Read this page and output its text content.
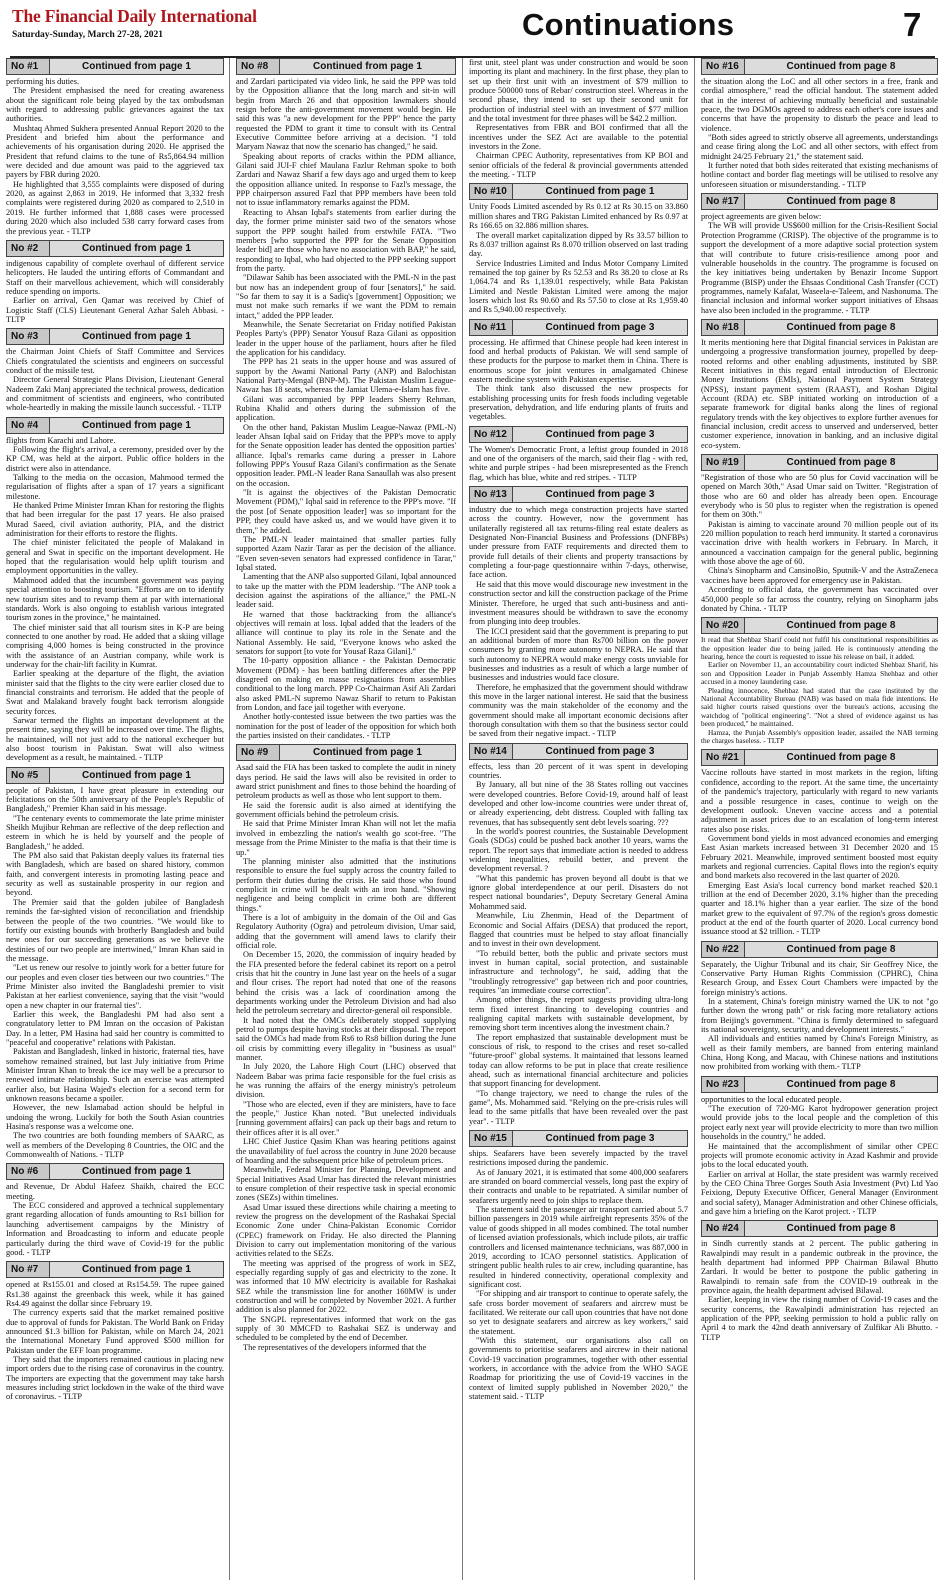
The Financial Daily International
Saturday-Sunday, March 27-28, 2021	Continuations	7
No #1	Continued from page 1

performing his duties.

The President emphasised the need for creating awareness about the significant role being played by the tax ombudsman with regard to addressing public grievances against the tax authorities.

Mushtaq Ahmed Sukhera presented Annual Report 2020 to the President and briefed him about the performance and achievements of his organisation during 2020. He apprised the President that refund claims to the tune of Rs5,864.94 million were decided and due amount was paid to the aggrieved tax payers by FBR during 2020.

He highlighted that 3,555 complaints were disposed of during 2020, as against 2,863 in 2019. He informed that 3,332 fresh complaints were registered during 2020 as compared to 2,510 in 2019. He further informed that 1,888 cases were processed during 2020 which also included 538 carry forward cases from the previous year. - TLTP

No #2	Continued from page 1

indigenous capability of complete overhaul of different service helicopters. He lauded the untiring efforts of Commandant and Staff on their marvellous achievement, which will considerably reduce spending on imports.

Earlier on arrival, Gen Qamar was received by Chief of Logistic Staff (CLS) Lieutenant General Azhar Saleh Abbasi. - TLTP

No #3	Continued from page 1

the Chairman Joint Chiefs of Staff Committee and Services Chiefs congratulated the scientists and engineers on successful conduct of the missile test.

Director General Strategic Plans Division, Lieutenant General Nadeem Zaki Manj appreciated the technical prowess, dedication and commitment of scientists and engineers, who contributed whole-heartedly in making the missile launch successful. - TLTP

No #4	Continued from page 1

flights from Karachi and Lahore.

Following the flight's arrival, a ceremony, presided over by the KP CM, was held at the airport. Public office holders in the district were also in attendance.

Talking to the media on the occasion, Mahmood termed the regularisation of flights after a span of 17 years a significant milestone.

He thanked Prime Minister Imran Khan for restoring the flights that had been irregular for the past 17 years. He also praised Murad Saeed, civil aviation authority, PIA, and the district administration for their efforts to restore the flights.

The chief minister felicitated the people of Malakand in general and Swat in specific on the important development. He hoped that the regularisation would help uplift tourism and employment opportunities in the valley.

Mahmood added that the incumbent government was paying special attention to boosting tourism. "Efforts are on to identify new tourism sites and to revamp them at par with international standards. Work is also ongoing to establish various integrated tourism zones in the province," he maintained.

The chief minister said that all tourism sites in K-P are being connected to one another by road. He added that a skiing village comprising 4,000 homes is being constructed in the province with the assistance of an Austrian company, while work is underway for the chair-lift facility in Kumrat.

Earlier speaking at the departure of the flight, the aviation minister said that the flights to the city were earlier closed due to financial constraints and terrorism. He added that the people of Swat and Malakand bravely fought back terrorism alongside security forces.

Sarwar termed the flights an important development at the present time, saying they will be increased over time. The flights, he maintained, will not just add to the national exchequer but also boost tourism in Pakistan. Swat will also witness development as a result, he maintained. - TLTP

No #5	Continued from page 1

people of Pakistan, I have great pleasure in extending our felicitations on the 50th anniversary of the People's Republic of Bangladesh," Premier Khan said in his message.

"The centenary events to commemorate the late prime minister Sheikh Mujibur Rehman are reflective of the deep reflection and esteem in which he is held by yourself and the people of Bangladesh," he added.

The PM also said that Pakistan deeply values its fraternal ties with Bangladesh, which are based on shared history, common faith, and convergent interests in promoting lasting peace and security as well as sustainable prosperity in our region and beyond.

The Premier said that the golden jubilee of Bangladesh reminds the far-sighted vision of reconciliation and friendship between the people of the two countries. "We would like to fortify our existing bounds with brotherly Bangladesh and build new ones for our succeeding generations as we believe the destinies of our two people are intertwined," Imran Khan said in the message.

"Let us renew our resolve to jointly work for a better future for our peoples and even closer ties between our two countries." The Prime Minister also invited the Bangladeshi premier to visit Pakistan at her earliest convenience, saying that the visit "would open a new chapter in our fraternal ties".

Earlier this week, the Bangladeshi PM had also sent a congratulatory letter to PM Imran on the occasion of Pakistan Day. In a letter, PM Hasina had said her country is committed to "peaceful and cooperative" relations with Pakistan.

Pakistan and Bangladesh, linked in historic, fraternal ties, have somehow remained strained, but last July initiative from Prime Minister Imran Khan to break the ice may well be a precursor to renewed intimate relationship. Such an exercise was attempted earlier also, but Hasina Wajed's election for a second term for unknown reasons became a spoiler.

However, the new Islamabad action should be helpful in undoing the wrong. Luckily for both the South Asian countries Hasina's response was a welcome one.

The two countries are both founding members of SAARC, as well as members of the Developing 8 Countries, the OIC and the Commonwealth of Nations. - TLTP

No #6	Continued from page 1

and Revenue, Dr Abdul Hafeez Shaikh, chaired the ECC meeting.

The ECC considered and approved a technical supplementary grant regarding allocation of funds amounting to Rs1 billion for launching advertisement campaigns by the Ministry of Information and Broadcasting to inform and educate people particularly during the third wave of Covid-19 for the public good. - TLTP

No #7	Continued from page 1

opened at Rs155.01 and closed at Rs154.59. The rupee gained Rs1.38 against the greenback this week, while it has gained Rs4.49 against the dollar since February 19.

The currency experts said that the market remained positive due to approval of funds for Pakistan. The World Bank on Friday announced $1.3 billion for Pakistan, while on March 24, 2021 the International Monetary Fund approved $500 million for Pakistan under the EFF loan programme.

They said that the importers remained cautious in placing new import orders due to the rising case of coronavirus in the country. The importers are expecting that the government may take harsh measures including strict lockdown in the wake of the third wave of coronavirus. - TLTP

No #8	Continued from page 1

and Zardari participated via video link, he said the PPP was told by the Opposition alliance that the long march and sit-in will begin from March 26 and that opposition lawmakers should resign before the anti-government movement would begin. He said this was "a new development for the PPP" hence the party requested the PDM to grant it time to consult with its Central Executive Committee before arriving at a decision. "I told Maryam Nawaz that now the scenario has changed," he said.

Speaking about reports of cracks within the PDM alliance, Gilani said JUI-F chief Maulana Fazlur Rehman spoke to both Zardari and Nawaz Sharif a few days ago and urged them to keep the opposition alliance united. In response to Fazl's message, the PPP chairperson assured Fazl that PPP members have been told not to issue inflammatory remarks against the PDM.

Reacting to Ahsan Iqbal's statements from earlier during the day, the former prime minister said two of the senators whose support the PPP sought hailed from erstwhile FATA. "Two members [who supported the PPP for the Senate Opposition leader bid] are those who have no association with BAP," he said, responding to Iqbal, who had objected to the PPP seeking support from the party.

"Dilawar Sahib has been associated with the PML-N in the past but now has an independent group of four [senators]," he said. "So far them to say it is a Sadiq's [government] Opposition; we must not make such remarks if we want the PDM to remain intact," added the PPP leader.

Meanwhile, the Senate Secretariat on Friday notified Pakistan Peoples Party's (PPP) Senator Yousuf Raza Gilani as opposition leader in the upper house of the parliament, hours after he filed the application for his candidacy.

The PPP has 21 seats in the upper house and was assured of support by the Awami National Party (ANP) and Balochistan National Party-Mengal (BNP-M). The Pakistan Muslim League-Nawaz has 18 seats, whereas the Jamiat Ulema-e-Islam has five.

Gilani was accompanied by PPP leaders Sherry Rehman, Rubina Khalid and others during the submission of the application.

On the other hand, Pakistan Muslim League-Nawaz (PML-N) leader Ahsan Iqbal said on Friday that the PPP's move to apply for the Senate opposition leader has dented the opposition parties' alliance. Iqbal's remarks came during a presser in Lahore following PPP's Yousuf Raza Gilani's confirmation as the Senate opposition leader. PML-N leader Rana Sanaullah was also present on the occasion.

"It is against the objectives of the Pakistan Democratic Movement (PDM)," Iqbal said in reference to the PPP's move. "If the post [of Senate opposition leader] was so important for the PPP, they could have asked us, and we would have given it to them," he added.

The PML-N leader maintained that smaller parties fully supported Azam Nazir Tarar as per the decision of the alliance. "Even seven-seven senators had expressed confidence in Tarar," Iqbal stated.

Lamenting that the ANP also supported Gilani, Iqbal announced to take up the matter with the PDM leadership. "The ANP took a decision against the aspirations of the alliance," the PML-N leader said.

He warned that those backtracking from the alliance's objectives will remain at loss. Iqbal added that the leaders of the alliance will continue to play its role in the Senate and the National Assembly. He said, "Everyone knows who asked the senators for support [to vote for Yousaf Raza Gilani]."

The 10-party opposition alliance - the Pakistan Democratic Movement (PDM) - has been battling differences after the PPP disagreed on making en masse resignations from assemblies conditional to the long march. PPP Co-Chairman Asif Ali Zardari also asked PML-N supremo Nawaz Sharif to return to Pakistan from London, and face jail together with everyone.

Another hotly-contested issue between the two parties was the nomination for the post of leader of the opposition for which both the parties insisted on their candidates. - TLTP

No #9	Continued from page 1

Asad said the FIA has been tasked to complete the audit in ninety days period. He said the laws will also be revisited in order to award strict punishment and fines to those behind the hoarding of petroleum products as well as those who lent support to them.

He said the forensic audit is also aimed at identifying the government officials behind the petroleum crisis.

He said that Prime Minister Imran Khan will not let the mafia involved in embezzling the nation's wealth go scot-free. "The message from the Prime Minister to the mafia is that their time is up."

The planning minister also admitted that the institutions responsible to ensure the fuel supply across the country failed to perform their duties during the crisis. He said those who found complicit in crime will be dealt with an iron hand. "Showing negligence and being complicit in crime both are different things."

There is a lot of ambiguity in the domain of the Oil and Gas Regulatory Authority (Ogra) and petroleum division, Umar said, adding that the government will amend laws to clarify their official role.

On December 15, 2020, the commission of inquiry headed by the FIA presented before the federal cabinet its report on a petrol crisis that hit the country in June last year on the heels of a sugar and flour crises. The report had noted that one of the reasons behind the crisis was a lack of coordination among the departments working under the Petroleum Division and had also held the petroleum secretary and director-general oil responsible.

It had noted that the OMCs deliberately stopped supplying petrol to pumps despite having stocks at their disposal. The report said the OMCs had made from Rs6 to Rs8 billion during the June oil crisis by committing every illegality in "business as usual" manner.

In July 2020, the Lahore High Court (LHC) observed that Nadeem Babar was prima facie responsible for the fuel crisis as he was running the affairs of the energy ministry's petroleum division.

"Those who are elected, even if they are ministers, have to face the people," Justice Khan noted. "But unelected individuals [running government affairs] can pack up their bags and return to their offices after it is all over."

LHC Chief Justice Qasim Khan was hearing petitions against the unavailability of fuel across the country in June 2020 because of hoarding and the subsequent price hike of petroleum prices.

Meanwhile, Federal Minister for Planning, Development and Special Initiatives Asad Umar has directed the relevant ministries to ensure completion of their respective task in special economic zones (SEZs) within timelines.

Asad Umar issued these directions while chairing a meeting to review the progress on the development of the Rashakai Special Economic Zone under China-Pakistan Economic Corridor (CPEC) framework on Friday. He also directed the Planning Division to carry out implementation monitoring of the various activities related to the SEZs.

The meeting was apprised of the progress of work in SEZ, especially regarding supply of gas and electricity to the zone. It was informed that 10 MW electricity is available for Rashakai SEZ while the transmission line for another 160MW is under construction and will be completed by November 2021. A further addition is also planned for 2022.

The SNGPL representatives informed that work on the gas supply of 30 MMCFD to Rashakai SEZ is underway and scheduled to be completed by the end of December.

The representatives of the developers informed that the

first unit, steel plant was under construction and would be soon importing its plant and machinery. In the first phase, they plan to set up their first unit with an investment of $79 million to produce 500000 tons of Rebar/ construction steel. Whereas in the second phase, they intend to set up their second unit for production of industrial steel with an investment of $77 million and the total investment for three phases will be $42.2 million.

Representatives from FBR and BOI confirmed that all the incentives under the SEZ Act are available to the potential investors in the Zone.

Chairman CPEC Authority, representatives from KP BOI and senior officials of the federal & provincial governments attended the meeting. - TLTP

No #10	Continued from page 1

Unity Foods Limited ascended by Rs 0.12 at Rs 30.15 on 33.860 million shares and TRG Pakistan Limited enhanced by Rs 0.97 at Rs 166.65 on 32.886 million shares.

The overall market capitalization dipped by Rs 33.57 billion to Rs 8.037 trillion against Rs 8.070 trillion observed on last trading day.

Service Industries Limited and Indus Motor Company Limited remained the top gainer by Rs 52.53 and Rs 38.20 to close at Rs 1,064.74 and Rs 1,139.01 respectively, while Bata Pakistan Limited and Nestle Pakistan Limited were among the major losers which lost Rs 90.60 and Rs 57.50 to close at Rs 1,959.40 and Rs 5,940.00 respectively.

No #11	Continued from page 3

processing. He affirmed that Chinese people had keen interest in food and herbal products of Pakistan. We will send sample of these products for the purpose to market them in China. There is enormous scope for joint ventures in amalgamated Chinese eastern medicine system with Pakistan expertise.

The think tank also discussed the new prospects for establishing processing units for fresh foods including vegetable preservation, dehydration, and life enduring plants of fruits and vegetables.

No #12	Continued from page 3

The Women's Democratic Front, a leftist group founded in 2018 and one of the organisers of the march, said their flag - with red, white and purple stripes - had been misrepresented as the French flag, which has blue, white and red stripes. - TLTP

No #13	Continued from page 3

industry due to which mega construction projects have started across the country. However, now the government has unilaterally registered all tax returns-filing real estate dealers as Designated Non-Financial Business and Professions (DNFBPs) under pressure from FATF requirements and directed them to provide full details of their clients and property transactions by completing a four-page questionnaire within 7-days, otherwise, face action.

He said that this move would discourage new investment in the construction sector and kill the construction package of the Prime Minister. Therefore, he urged that such anti-business and anti-investment measures should be withdrawn to save the economy from plunging into deep troubles.

The ICCI president said that the government is preparing to put an additional burden of more than Rs700 billion on the power consumers by granting more autonomy to NEPRA. He said that such autonomy to NEPRA would make energy costs unviable for businesses and industries as a result of which a large number of businesses and industries would face closure.

Therefore, he emphasized that the government should withdraw this move in the larger national interest. He said that the business community was the main stakeholder of the economy and the government should make all important economic decisions after thorough consultation with them so that the business sector could be saved from their negative impact. - TLTP

No #14	Continued from page 3

effects, less than 20 percent of it was spent in developing countries.

By January, all but nine of the 38 States rolling out vaccines were developed countries. Before Covid-19, around half of least developed and other low-income countries were under threat of, or already experiencing, debt distress. Coupled with falling tax revenues, that has subsequently sent debt levels soaring. ???

In the world's poorest countries, the Sustainable Development Goals (SDGs) could be pushed back another 10 years, warns the report. The report says that immediate action is needed to address widening inequalities, rebuild better, and prevent the development reversal. ?

"What this pandemic has proven beyond all doubt is that we ignore global interdependence at our peril. Disasters do not respect national boundaries", Deputy Secretary General Amina Mohammed said.

Meanwhile, Liu Zhenmin, Head of the Department of Economic and Social Affairs (DESA) that produced the report, flagged that countries must be helped to stay afloat financially and to invest in their own development.

"To rebuild better, both the public and private sectors must invest in human capital, social protection, and sustainable infrastructure and technology", he said, adding that the "troublingly retrogressive" gap between rich and poor countries, requires "an immediate course correction".

Among other things, the report suggests providing ultra-long term fixed interest financing to developing countries and realigning capital markets with sustainable development, by removing short term incentives along the investment chain.?

The report emphasized that sustainable development must be conscious of risk, to respond to the crises and reset so-called "future-proof" global systems. It maintained that lessons learned today can allow reforms to be put in place that create resilience ahead, such as international financial architecture and policies that support financing for development.

"To change trajectory, we need to change the rules of the game", Ms. Mohammed said. "Relying on the pre-crisis rules will lead to the same pitfalls that have been revealed over the past year". - TLTP

No #15	Continued from page 3

ships. Seafarers have been severely impacted by the travel restrictions imposed during the pandemic.

As of January 2021, it is estimated that some 400,000 seafarers are stranded on board commercial vessels, long past the expiry of their contracts and unable to be repatriated. A similar number of seafarers urgently need to join ships to replace them.

The statement said the passenger air transport carried about 5.7 billion passengers in 2019 while airfreight represents 35% of the value of goods shipped in all modes combined. The total number of licensed aviation professionals, which include pilots, air traffic controllers and licensed maintenance technicians, was 887,000 in 2019, according to ICAO personnel statistics. Application of stringent public health rules to air crew, including quarantine, has resulted in hindered connectivity, operational complexity and significant cost.

"For shipping and air transport to continue to operate safely, the safe cross border movement of seafarers and aircrew must be facilitated. We reiterate our call upon countries that have not done so yet to designate seafarers and aircrew as key workers," said the statement.

"With this statement, our organisations also call on governments to prioritise seafarers and aircrew in their national Covid-19 vaccination programmes, together with other essential workers, in accordance with the advice from the WHO SAGE Roadmap for prioritizing the use of Covid-19 vaccines in the context of limited supply published in November 2020," the statement said. - TLTP

No #16	Continued from page 8

the situation along the LoC and all other sectors in a free, frank and cordial atmosphere," read the official handout. The statement added that in the interest of achieving mutually beneficial and sustainable peace, the two DGMOs agreed to address each other's core issues and concerns that have the propensity to disturb the peace and lead to violence.

"Both sides agreed to strictly observe all agreements, understandings and cease firing along the LoC and all other sectors, with effect from midnight 24/25 February 21," the statement said.

It further noted that both sides reiterated that existing mechanisms of hotline contact and border flag meetings will be utilised to resolve any unforeseen situation or misunderstanding. - TLTP

No #17	Continued from page 8

project agreements are given below:

The WB will provide US$600 million for the Crisis-Resilient Social Protection Programme (CRISP). The objective of the programme is to support the development of a more adaptive social protection system that will contribute to future crisis-resilience among poor and vulnerable households in the country. The programme is focused on the key initiatives being undertaken by Benazir Income Support Programme (BISP) under the Ehsaas Conditional Cash Transfer (CCT) programmes, namely Kafalat, Waseela-e-Taleem, and Nashonuma. The financial inclusion and informal worker support initiatives of Ehsaas have also been included in the programme. - TLTP

No #18	Continued from page 8

It merits mentioning here that Digital financial services in Pakistan are undergoing a progressive transformation journey, propelled by deep-rooted reforms and other enabling adjustments, instituted by SBP. Recent initiatives in this regard entail introduction of Electronic Money Institutions (EMIs), National Payment System Strategy (NPSS), instant payment system (RAAST), and Roshan Digital Account (RDA) etc. SBP initiated working on introduction of a separate framework for digital banks along the lines of regional regulatory trends with the key objectives to explore further avenues for financial inclusion, credit access to unserved and underserved, better customer experience, innovation in banking, and an inclusive digital eco-system.

No #19	Continued from page 8

"Registration of those who are 50 plus for Covid vaccination will be opened on March 30th," Asad Umar said on Twitter. "Registration of those who are 60 and older has already been open. Encourage everybody who is 50 plus to register when the registration is opened for them on 30th."

Pakistan is aiming to vaccinate around 70 million people out of its 220 million population to reach herd immunity. It started a coronavirus vaccination drive with health workers in February. In March, it announced a vaccination campaign for the general public, beginning with those above the age of 60.

China's Sinopharm and CansinoBio, Sputnik-V and the AstraZeneca vaccines have been approved for emergency use in Pakistan.

According to official data, the government has vaccinated over 450,000 people so far across the country, relying on Sinopharm jabs donated by China. - TLTP

No #20	Continued from page 8

It read that Shehbaz Sharif could not fulfil his constitutional responsibilities as the opposition leader due to being jailed. He is continuously attending the hearing, hence the court is requested to issue his release on bail, it added.

Earlier on November 11, an accountability court indicted Shehbaz Sharif, his son and Opposition Leader in Punjab Assembly Hamza Shehbaz and other accused in a money laundering case.

Pleading innocence, Shehbaz had stated that the case instituted by the National Accountability Bureau (NAB) was based on mala fide intentions. He said higher courts raised questions over the bureau's actions, accusing the watchdog of "political engineering". "Not a shred of evidence against us has been produced," he maintained.

Hamza, the Punjab Assembly's opposition leader, assailed the NAB terming the charges baseless. - TLTP

No #21	Continued from page 8

Vaccine rollouts have started in most markets in the region, lifting confidence, according to the report. At the same time, the uncertainty of the pandemic's trajectory, particularly with regard to new variants and a possible resurgence in cases, continue to weigh on the development outlook. Uneven vaccine access and a potential adjustment in asset prices due to an escalation of long-term interest rates also pose risks.

Government bond yields in most advanced economies and emerging East Asian markets increased between 31 December 2020 and 15 February 2021. Meanwhile, improved sentiment boosted most equity markets and regional currencies. Capital flows into the region's equity and bond markets also recovered in the last quarter of 2020.

Emerging East Asia's local currency bond market reached $20.1 trillion at the end of December 2020, 3.1% higher than the preceding quarter and 18.1% higher than a year earlier. The size of the bond market grew to the equivalent of 97.7% of the region's gross domestic product at the end of the fourth quarter of 2020. Local currency bond issuance stood at $2 trillion. - TLTP

No #22	Continued from page 8

Separately, the Uighur Tribunal and its chair, Sir Geoffrey Nice, the Conservative Party Human Rights Commission (CPHRC), China Research Group, and Essex Court Chambers were impacted by the foreign ministry's actions.

In a statement, China's foreign ministry warned the UK to not "go further down the wrong path" or risk facing more retaliatory actions from Beijing's government. "China is firmly determined to safeguard its national sovereignty, security, and development interests."

All individuals and entities named by China's Foreign Ministry, as well as their family members, are banned from entering mainland China, Hong Kong, and Macau, with Chinese nations and institutions now prohibited from working with them.- TLTP

No #23	Continued from page 8

opportunities to the local educated people.

"The execution of 720-MG Karot hydropower generation project would provide jobs to the local people and the completion of this project early next year will provide electricity to more than two million households in the country," he added.

He maintained that the accomplishment of similar other CPEC projects will promote economic activity in Azad Kashmir and provide jobs to the local educated youth.

Earlier on arrival at Hollar, the state president was warmly received by the CEO China Three Gorges South Asia Investment (Pvt) Ltd Yao Feixiong, Deputy Executive Officer, General Manager (Environment and social safety), Manager Administration and other Chinese officials, and gave him a briefing on the Karot project. - TLTP

No #24	Continued from page 8

in Sindh currently stands at 2 percent. The public gathering in Rawalpindi may result in a pandemic outbreak in the province, the health department had informed PPP Chairman Bilawal Bhutto Zardari. It would be better to postpone the public gathering in Rawalpindi to remain safe from the COVID-19 outbreak in the province again, the health department advised Bilawal.

Earlier, keeping in view the rising number of Covid-19 cases and the security concerns, the Rawalpindi administration has rejected an application of the PPP, seeking permission to hold a public rally on April 4 to mark the 42nd death anniversary of Zulfikar Ali Bhutto. - TLTP
